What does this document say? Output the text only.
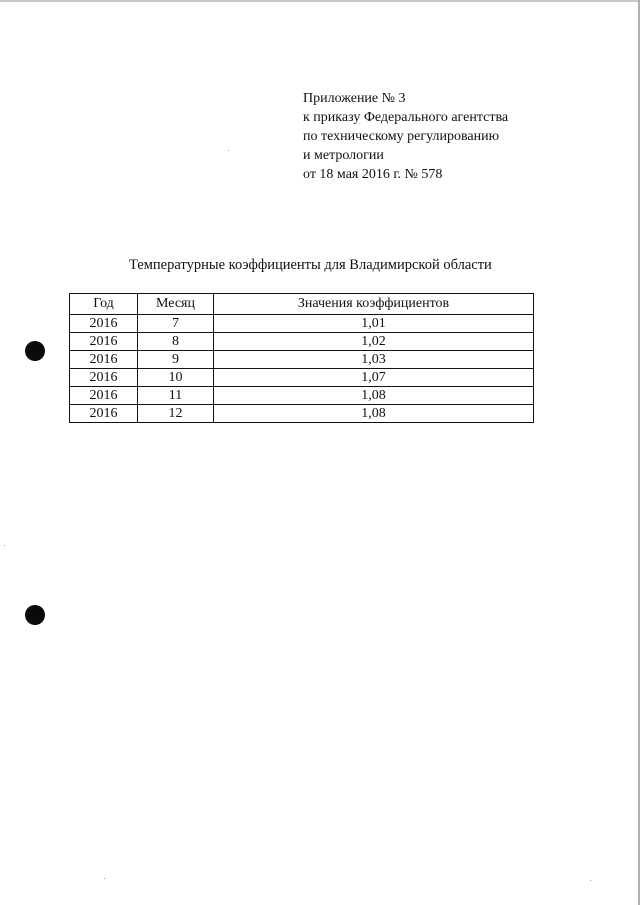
Приложение № 3
к приказу Федерального агентства
по техническому регулированию
и метрологии
от 18 мая 2016 г. № 578
Температурные коэффициенты для Владимирской области
Год	Месяц	Значения коэффициентов
2016	7	1,01
2016	8	1,02
2016	9	1,03
2016	10	1,07
2016	11	1,08
2016	12	1,08
